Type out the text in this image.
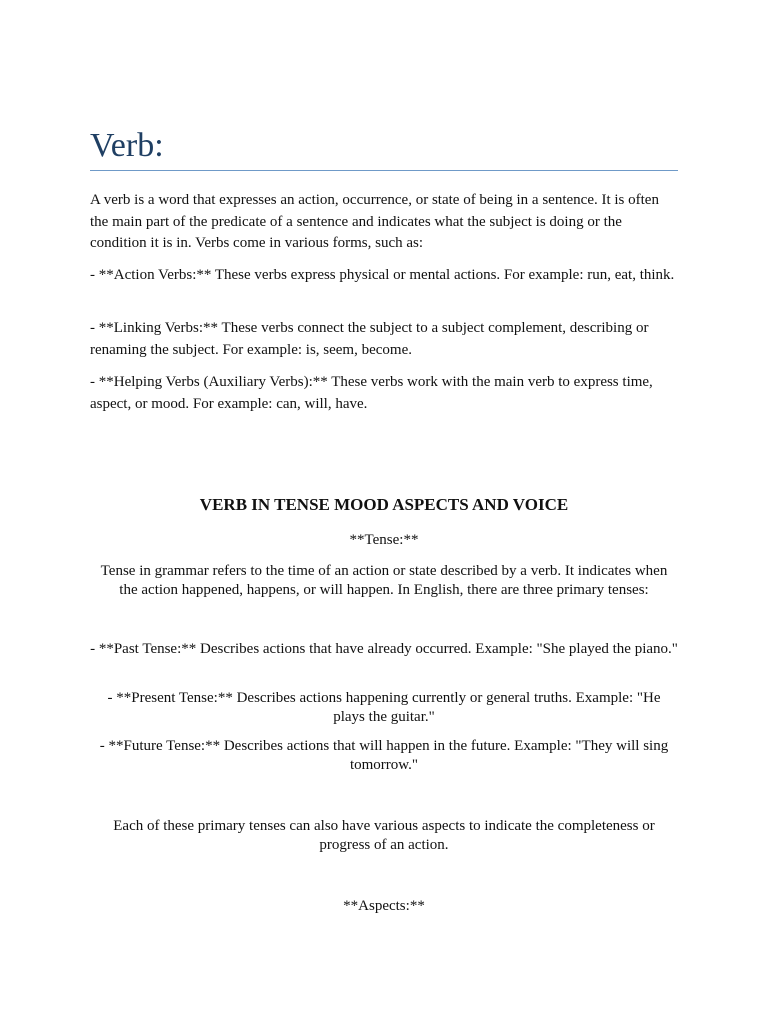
Verb:

A verb is a word that expresses an action, occurrence, or state of being in a sentence. It is often the main part of the predicate of a sentence and indicates what the subject is doing or the condition it is in. Verbs come in various forms, such as:

- **Action Verbs:** These verbs express physical or mental actions. For example: run, eat, think.

- **Linking Verbs:** These verbs connect the subject to a subject complement, describing or renaming the subject. For example: is, seem, become.

- **Helping Verbs (Auxiliary Verbs):** These verbs work with the main verb to express time, aspect, or mood. For example: can, will, have.

VERB IN TENSE MOOD ASPECTS AND VOICE

**Tense:**

Tense in grammar refers to the time of an action or state described by a verb. It indicates when the action happened, happens, or will happen. In English, there are three primary tenses:

- **Past Tense:** Describes actions that have already occurred. Example: "She played the piano."

- **Present Tense:** Describes actions happening currently or general truths. Example: "He plays the guitar."

- **Future Tense:** Describes actions that will happen in the future. Example: "They will sing tomorrow."

Each of these primary tenses can also have various aspects to indicate the completeness or progress of an action.

**Aspects:**
